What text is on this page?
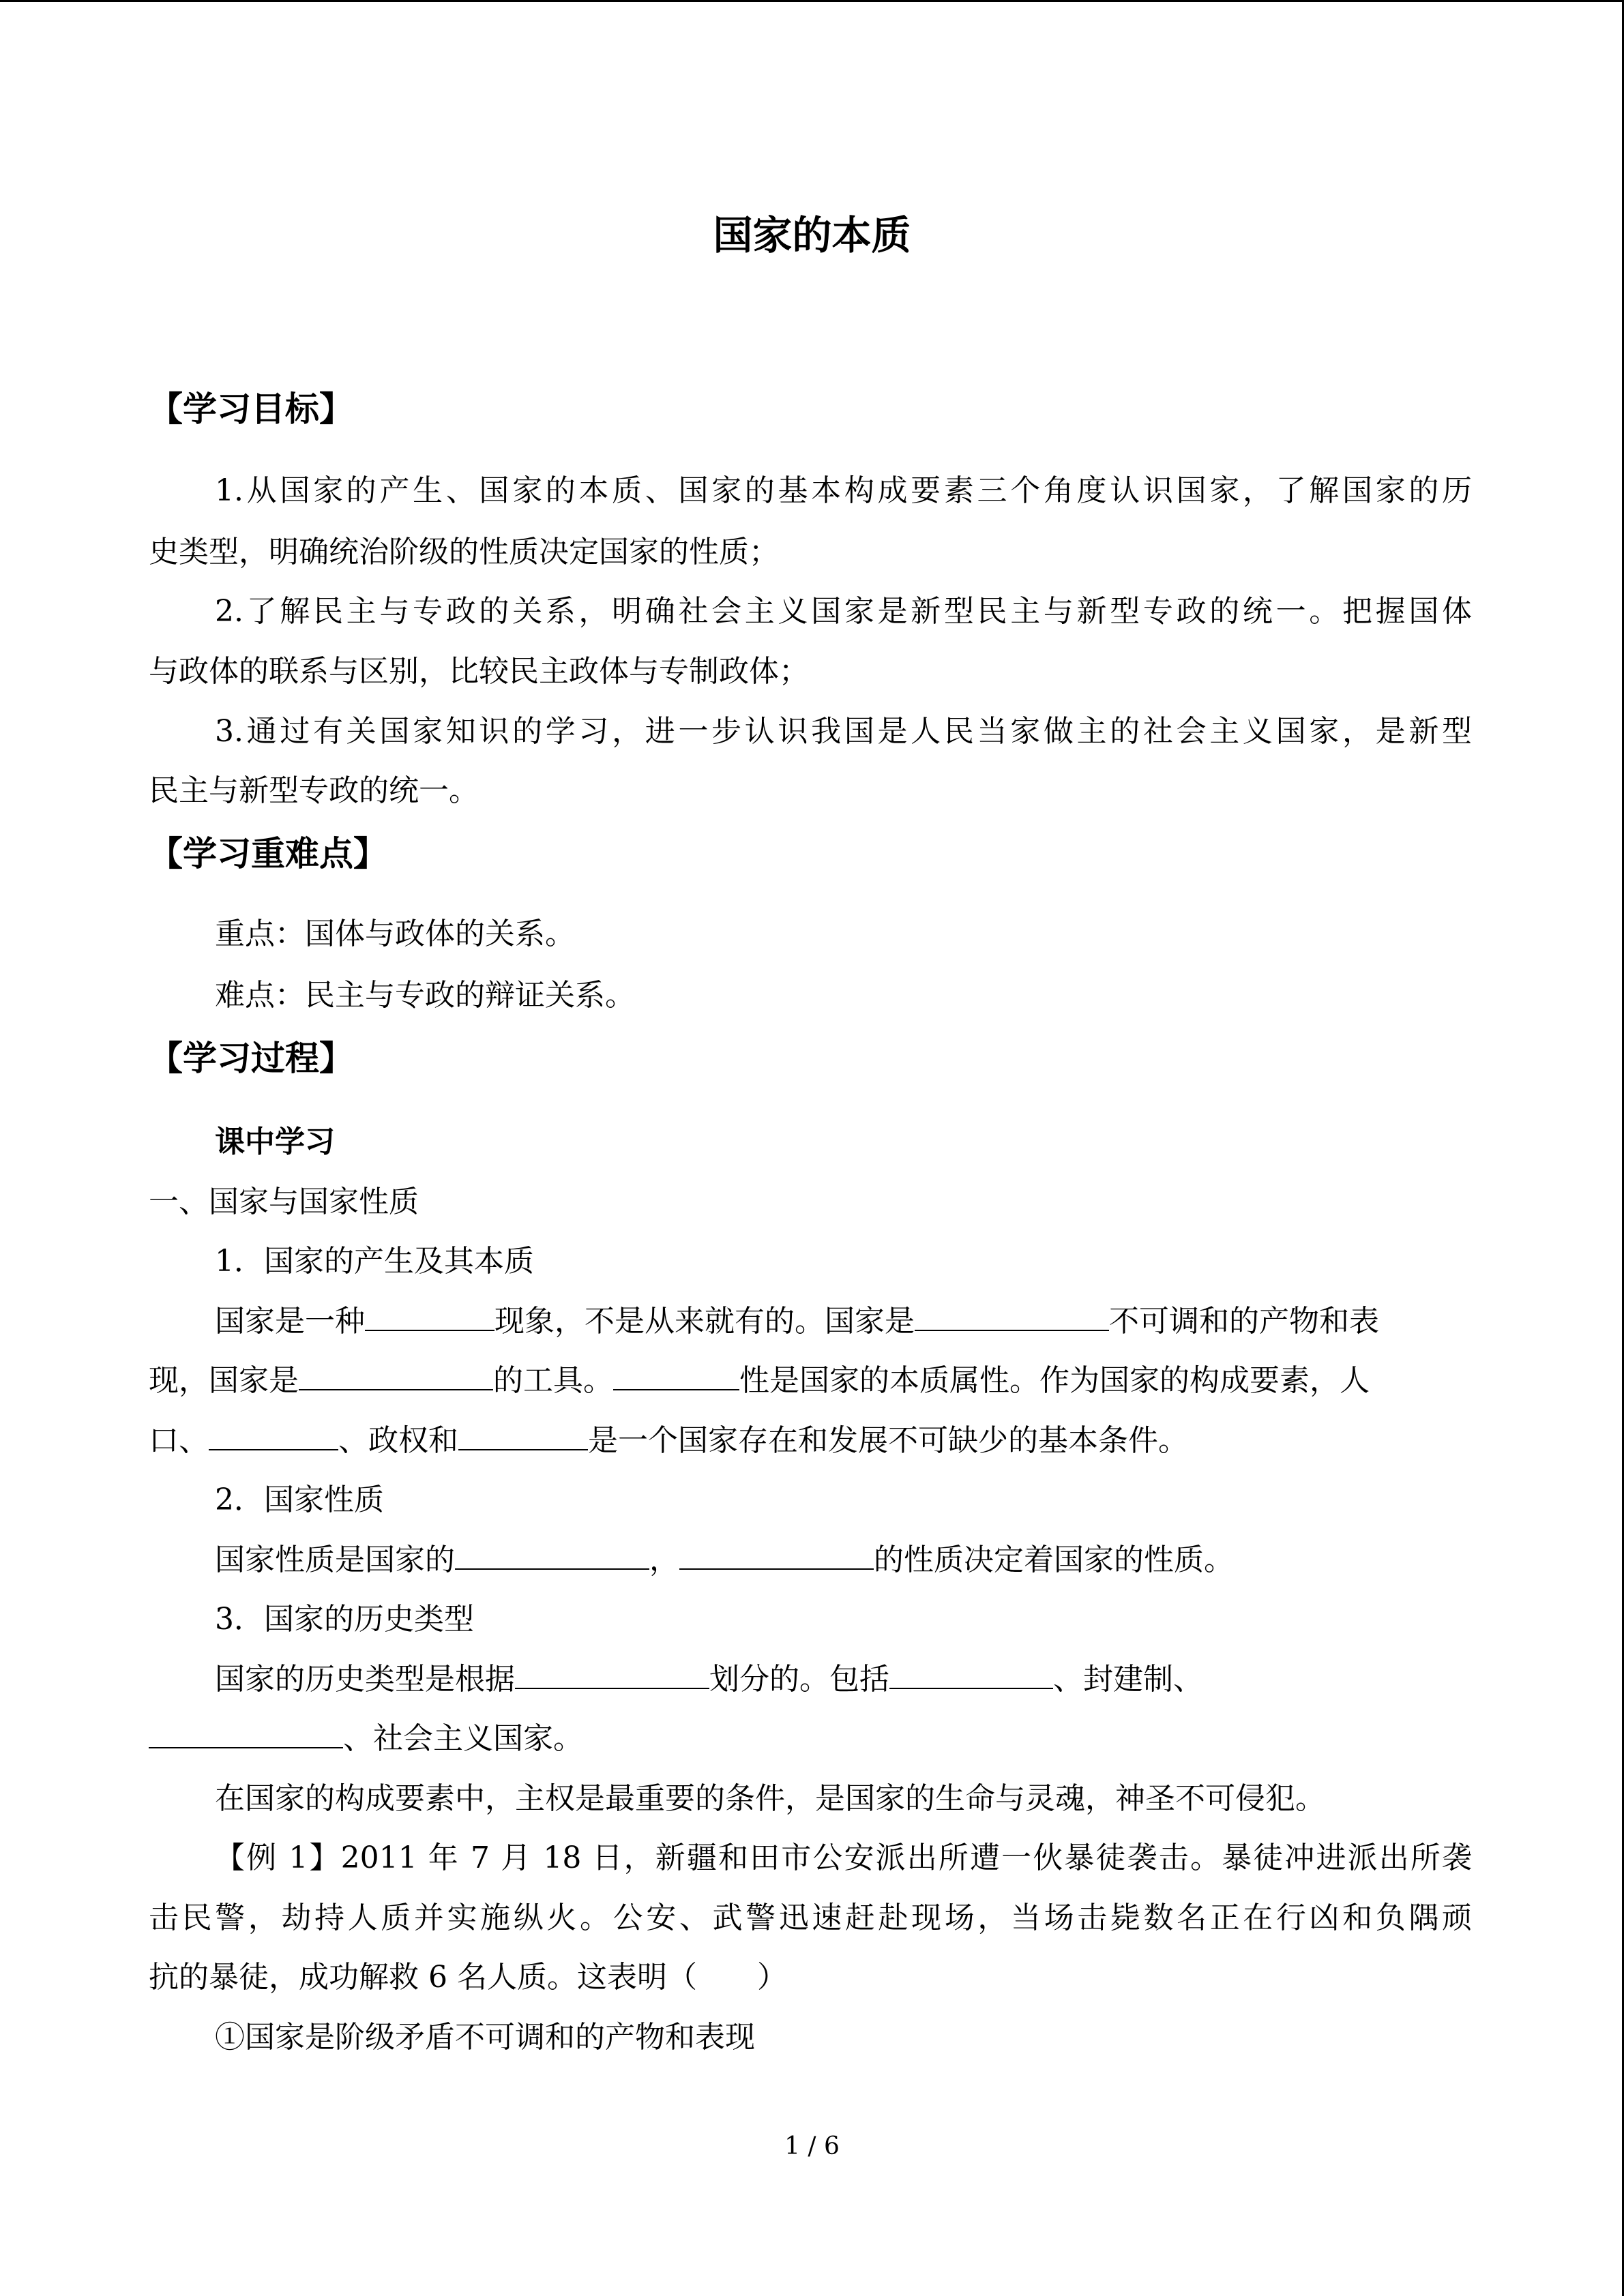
国家的本质
【学习目标】
1.从国家的产生、国家的本质、国家的基本构成要素三个角度认识国家，了解国家的历
史类型，明确统治阶级的性质决定国家的性质；
2.了解民主与专政的关系，明确社会主义国家是新型民主与新型专政的统一。把握国体
与政体的联系与区别，比较民主政体与专制政体；
3.通过有关国家知识的学习，进一步认识我国是人民当家做主的社会主义国家，是新型
民主与新型专政的统一。
【学习重难点】
重点：国体与政体的关系。
难点：民主与专政的辩证关系。
【学习过程】
课中学习
一、国家与国家性质
1．国家的产生及其本质
国家是一种	现象，不是从来就有的。国家是	不可调和的产物和表
现，国家是	的工具。	性是国家的本质属性。作为国家的构成要素，人
口、	、政权和	是一个国家存在和发展不可缺少的基本条件。
2．国家性质
国家性质是国家的	，	的性质决定着国家的性质。
3．国家的历史类型
国家的历史类型是根据	划分的。包括	、封建制、
、社会主义国家。
在国家的构成要素中，主权是最重要的条件，是国家的生命与灵魂，神圣不可侵犯。
【例 1】2011 年 7 月 18 日，新疆和田市公安派出所遭一伙暴徒袭击。暴徒冲进派出所袭
击民警，劫持人质并实施纵火。公安、武警迅速赶赴现场，当场击毙数名正在行凶和负隅顽
抗的暴徒，成功解救 6 名人质。这表明（　　）
①国家是阶级矛盾不可调和的产物和表现
1 / 6
